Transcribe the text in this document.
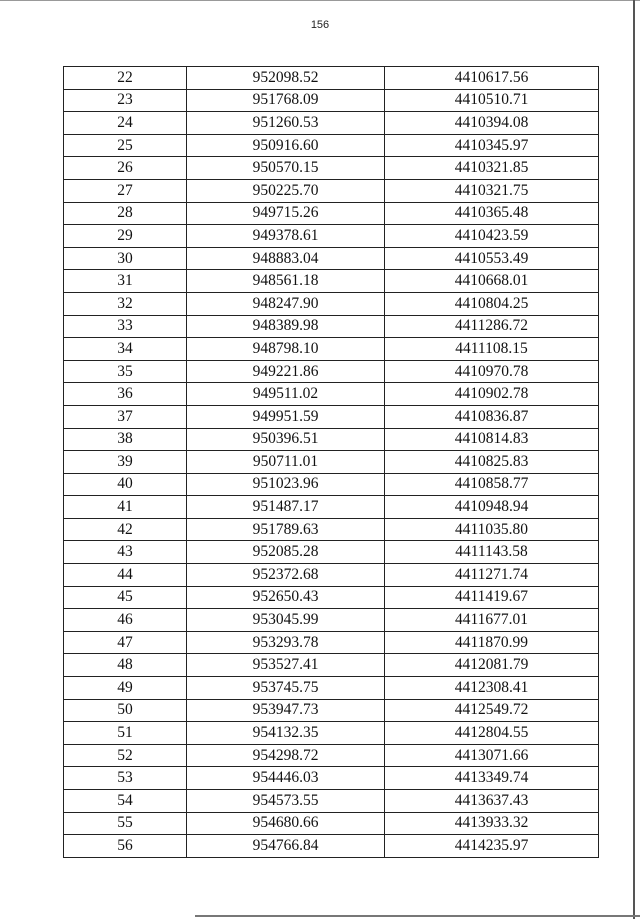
156
22	952098.52	4410617.56
23	951768.09	4410510.71
24	951260.53	4410394.08
25	950916.60	4410345.97
26	950570.15	4410321.85
27	950225.70	4410321.75
28	949715.26	4410365.48
29	949378.61	4410423.59
30	948883.04	4410553.49
31	948561.18	4410668.01
32	948247.90	4410804.25
33	948389.98	4411286.72
34	948798.10	4411108.15
35	949221.86	4410970.78
36	949511.02	4410902.78
37	949951.59	4410836.87
38	950396.51	4410814.83
39	950711.01	4410825.83
40	951023.96	4410858.77
41	951487.17	4410948.94
42	951789.63	4411035.80
43	952085.28	4411143.58
44	952372.68	4411271.74
45	952650.43	4411419.67
46	953045.99	4411677.01
47	953293.78	4411870.99
48	953527.41	4412081.79
49	953745.75	4412308.41
50	953947.73	4412549.72
51	954132.35	4412804.55
52	954298.72	4413071.66
53	954446.03	4413349.74
54	954573.55	4413637.43
55	954680.66	4413933.32
56	954766.84	4414235.97
